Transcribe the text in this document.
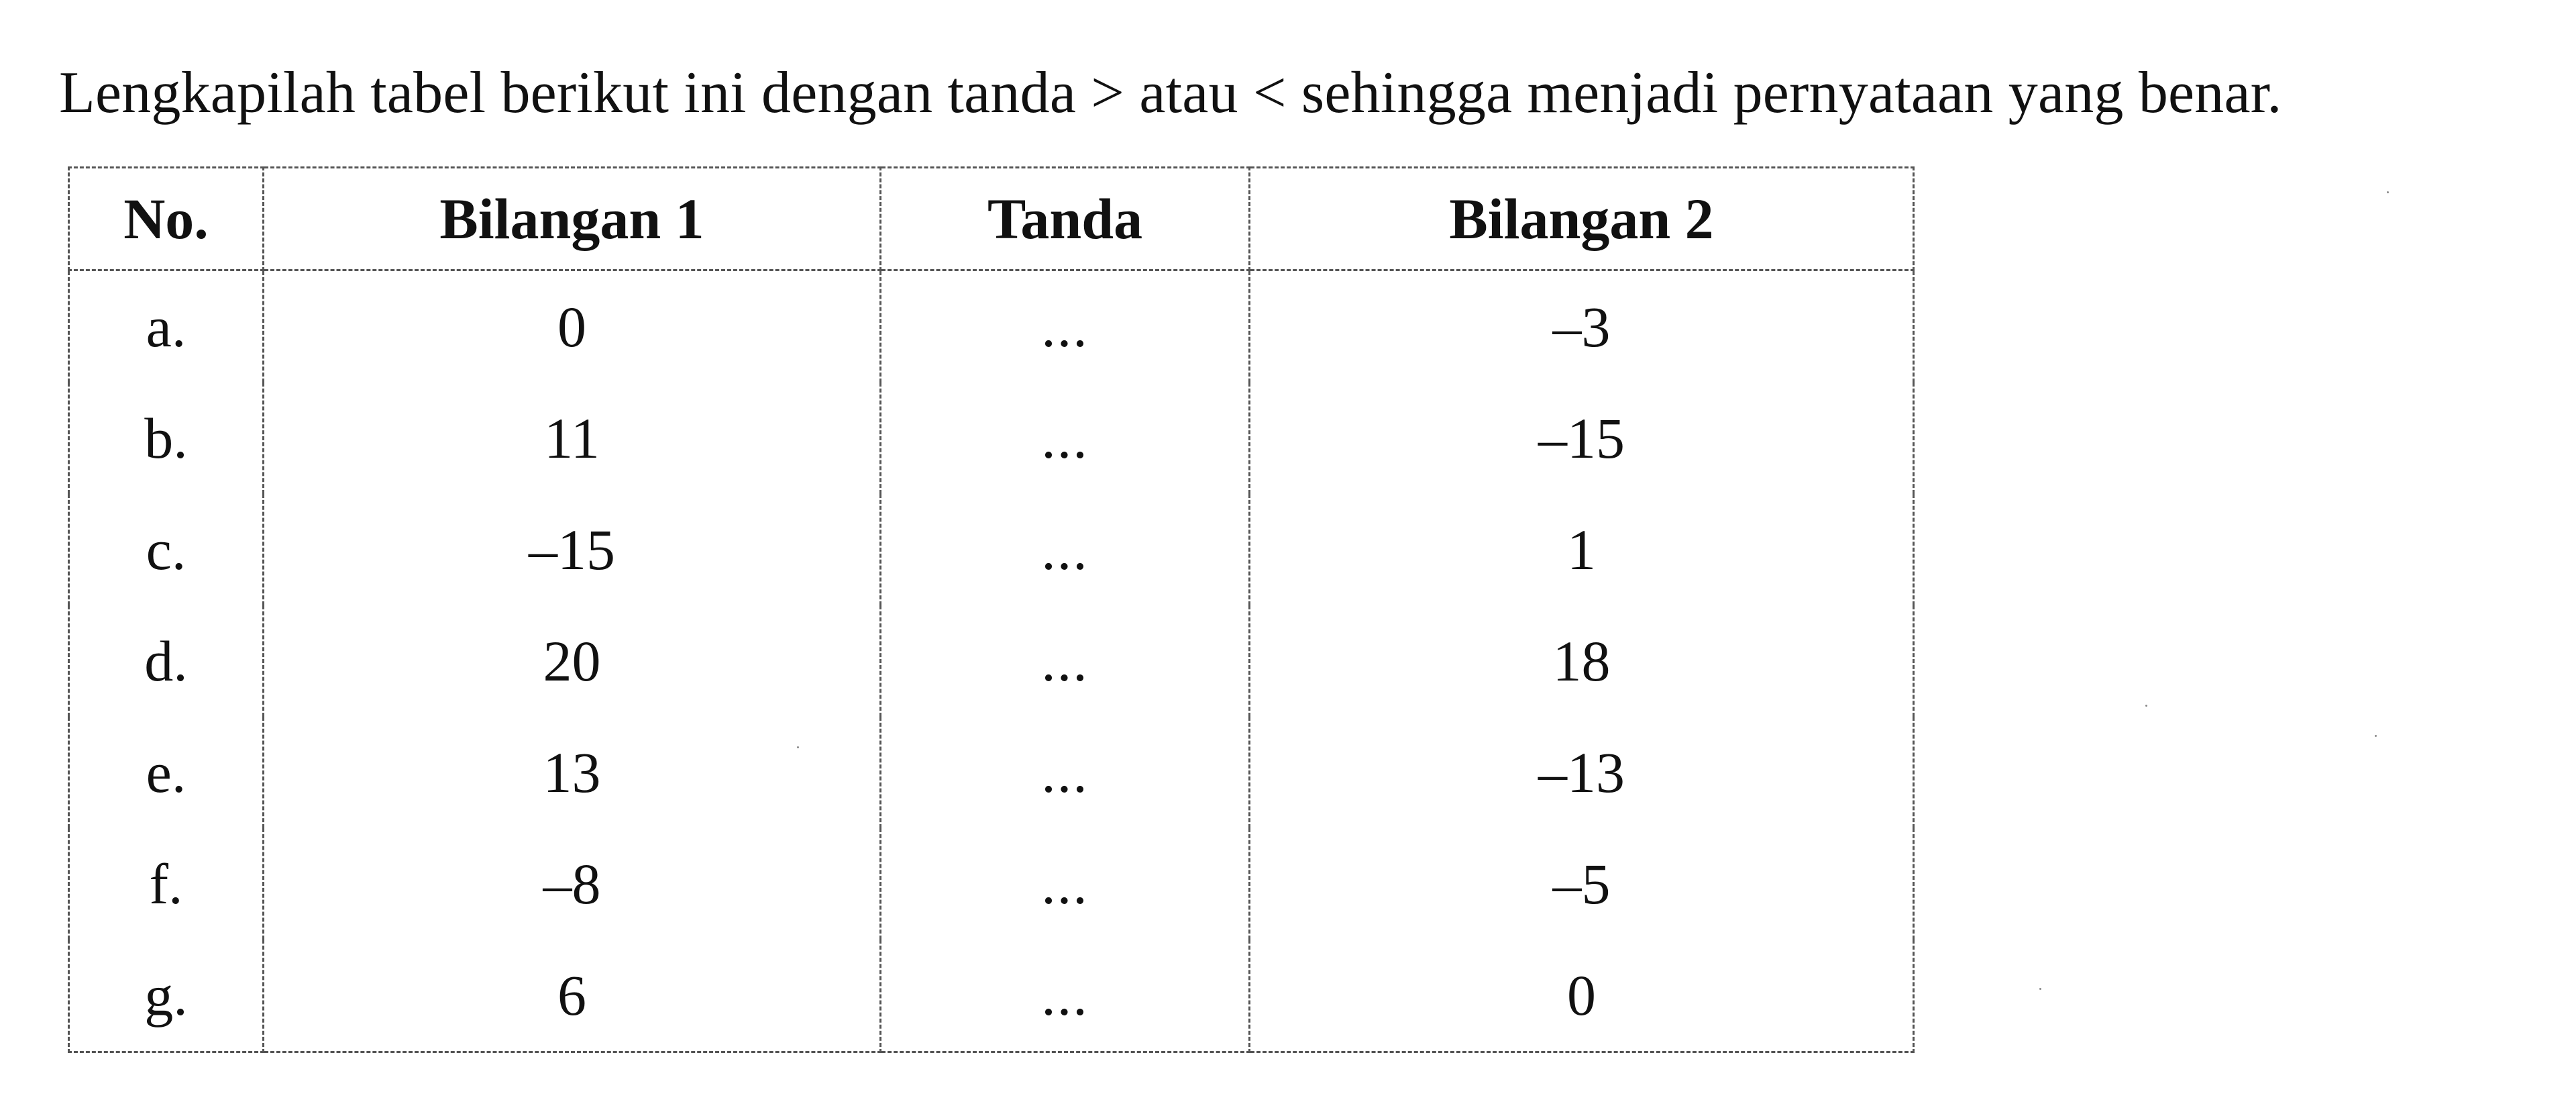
Lengkapilah tabel berikut ini dengan tanda > atau < sehingga menjadi pernyataan yang benar.
No.	Bilangan 1	Tanda	Bilangan 2
a.	0	...	–3
b.	11	...	–15
c.	–15	...	1
d.	20	...	18
e.	13	...	–13
f.	–8	...	–5
g.	6	...	0
